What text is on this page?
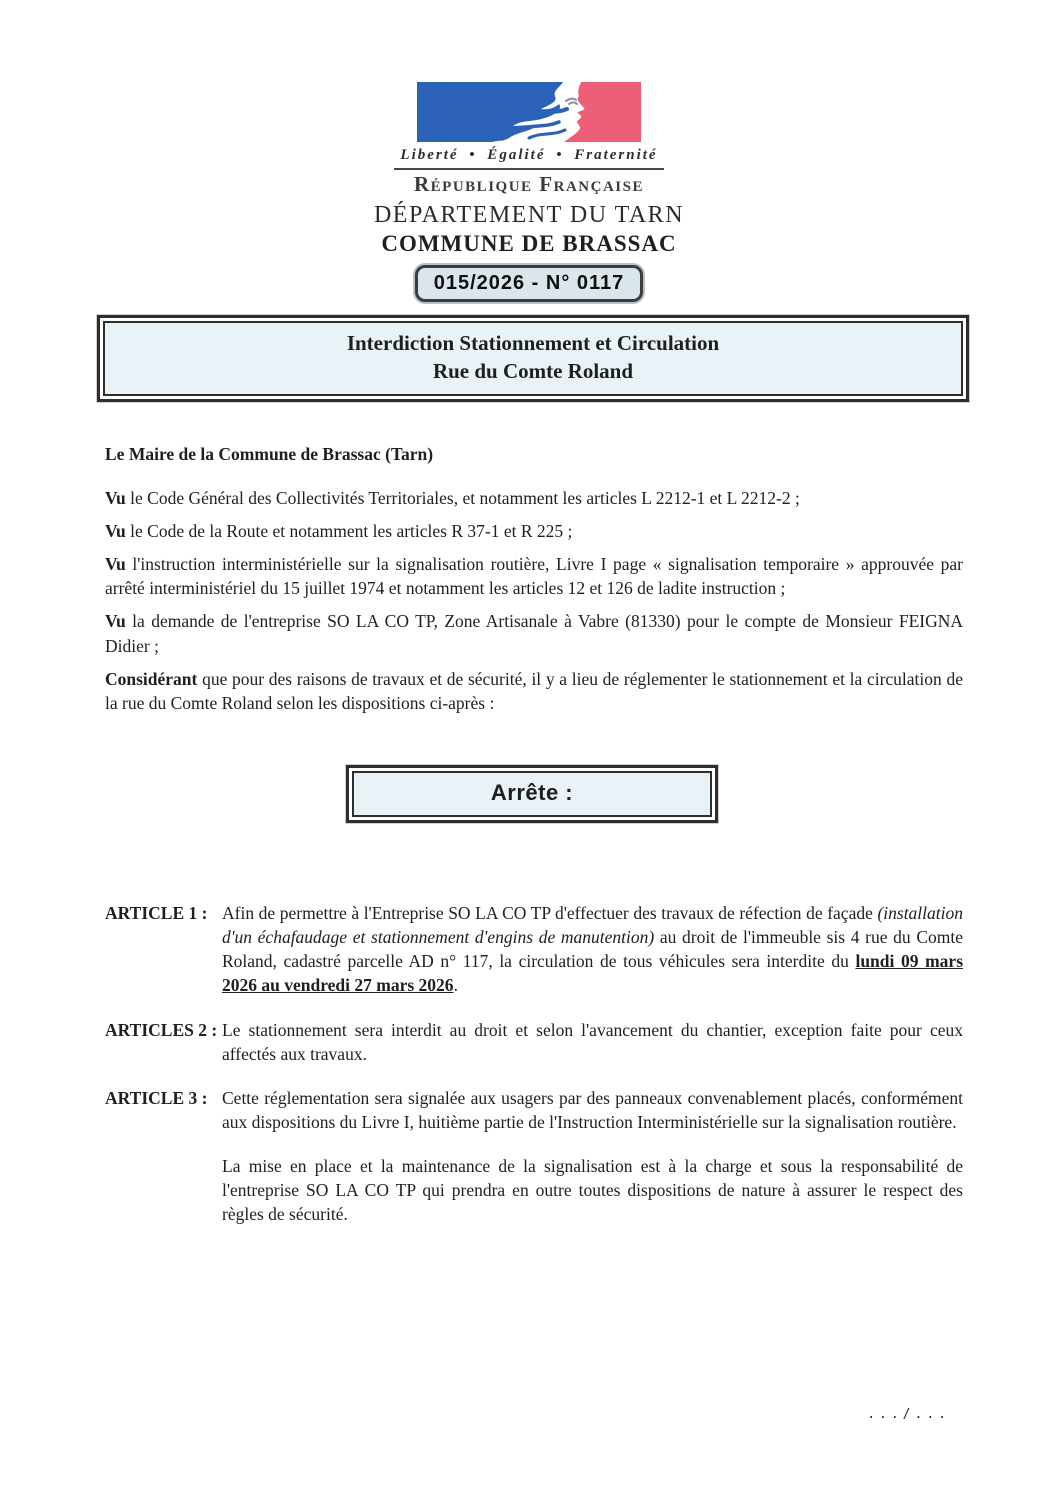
Liberté • Égalité • Fraternité
République Française
DÉPARTEMENT DU TARN
COMMUNE DE BRASSAC
015/2026 - N° 0117
Interdiction Stationnement et Circulation
Rue du Comte Roland

Le Maire de la Commune de Brassac (Tarn)

Vu le Code Général des Collectivités Territoriales, et notamment les articles L 2212-1 et L 2212-2 ;

Vu le Code de la Route et notamment les articles R 37-1 et R 225 ;

Vu l'instruction interministérielle sur la signalisation routière, Livre I page « signalisation temporaire » approuvée par arrêté interministériel du 15 juillet 1974 et notamment les articles 12 et 126 de ladite instruction ;

Vu la demande de l'entreprise SO LA CO TP, Zone Artisanale à Vabre (81330) pour le compte de Monsieur FEIGNA Didier ;

Considérant que pour des raisons de travaux et de sécurité, il y a lieu de réglementer le stationnement et la circulation de la rue du Comte Roland selon les dispositions ci-après :

Arrête :
ARTICLE 1 : Afin de permettre à l'Entreprise SO LA CO TP d'effectuer des travaux de réfection de façade (installation d'un échafaudage et stationnement d'engins de manutention) au droit de l'immeuble sis 4 rue du Comte Roland, cadastré parcelle AD n° 117, la circulation de tous véhicules sera interdite du lundi 09 mars 2026 au vendredi 27 mars 2026.
ARTICLES 2 : Le stationnement sera interdit au droit et selon l'avancement du chantier, exception faite pour ceux affectés aux travaux.
ARTICLE 3 : Cette réglementation sera signalée aux usagers par des panneaux convenablement placés, conformément aux dispositions du Livre I, huitième partie de l'Instruction Interministérielle sur la signalisation routière.
La mise en place et la maintenance de la signalisation est à la charge et sous la responsabilité de l'entreprise SO LA CO TP qui prendra en outre toutes dispositions de nature à assurer le respect des règles de sécurité.
.../...
